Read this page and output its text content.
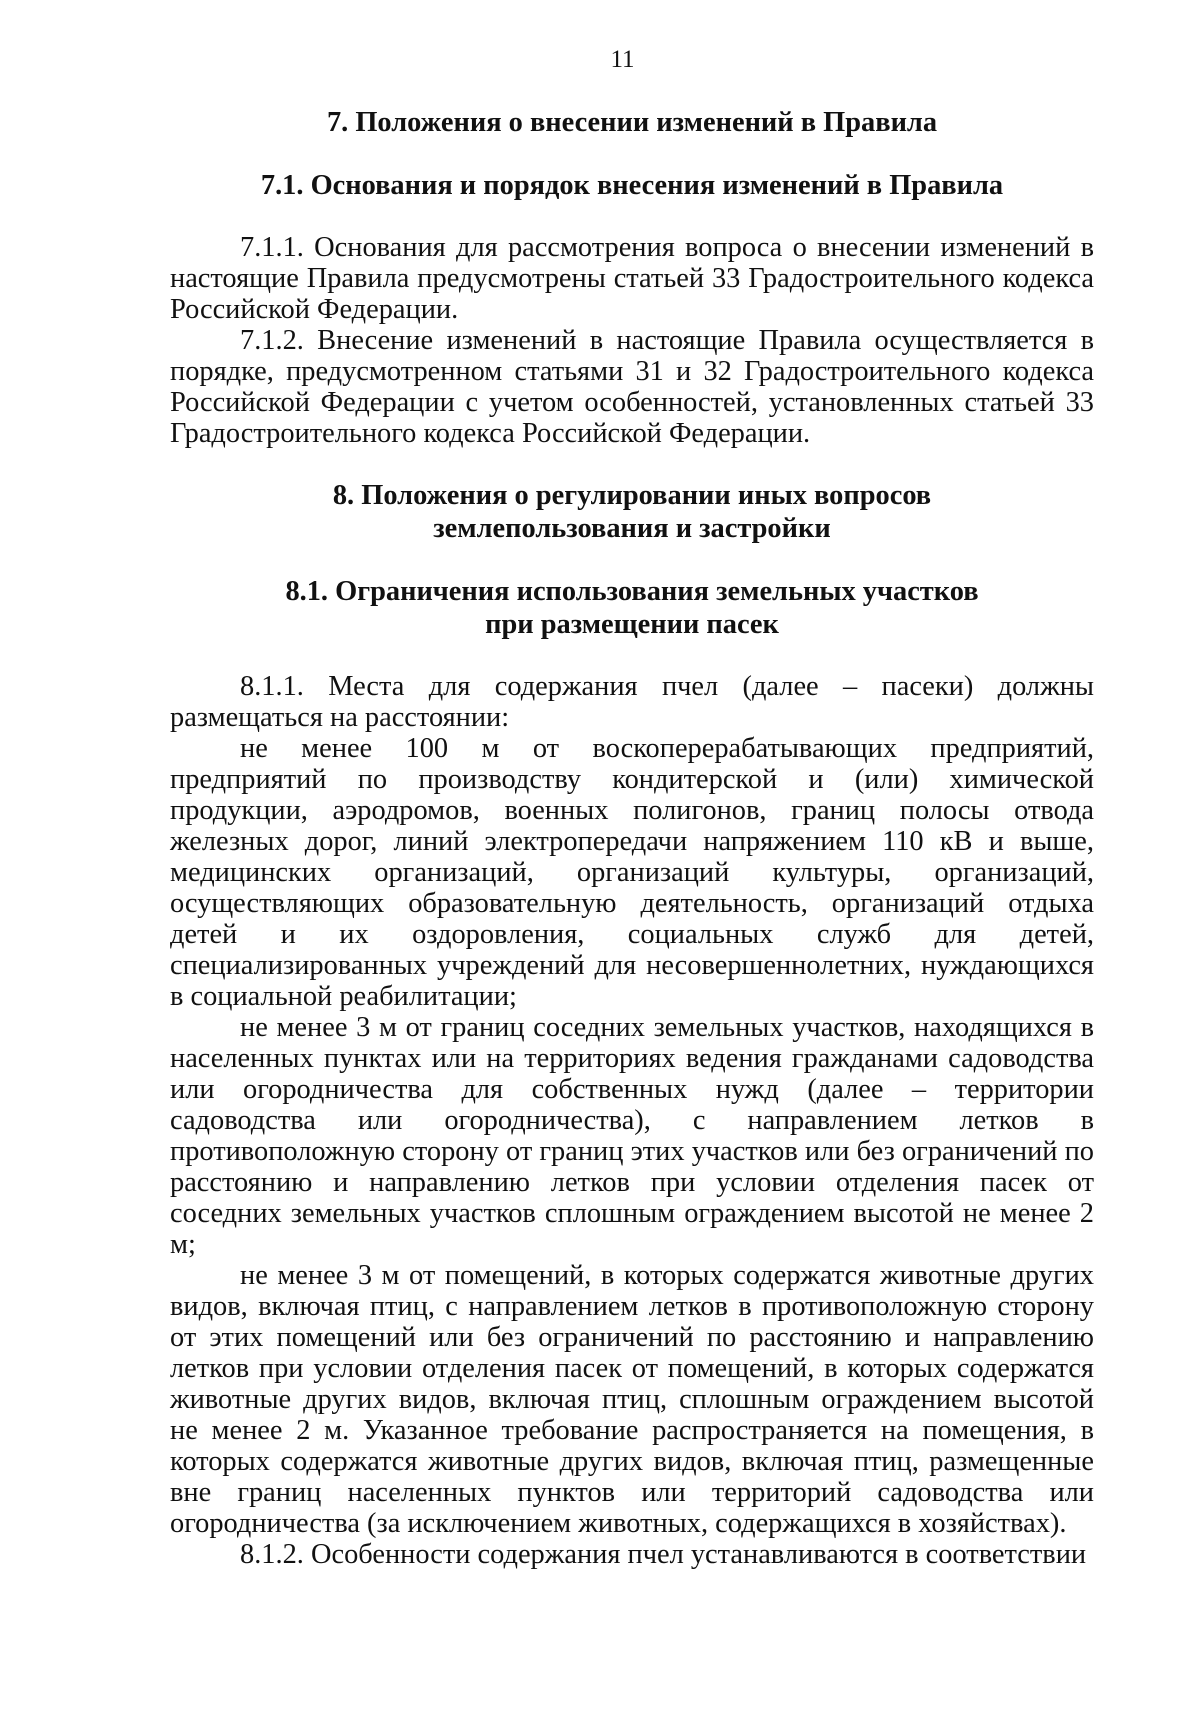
11
7. Положения о внесении изменений в Правила
7.1. Основания и порядок внесения изменений в Правила

7.1.1. Основания для рассмотрения вопроса о внесении изменений в настоящие Правила предусмотрены статьей 33 Градостроительного кодекса Российской Федерации.

7.1.2. Внесение изменений в настоящие Правила осуществляется в порядке, предусмотренном статьями 31 и 32 Градостроительного кодекса Российской Федерации с учетом особенностей, установленных статьей 33 Градостроительного кодекса Российской Федерации.

8. Положения о регулировании иных вопросов
землепользования и застройки
8.1. Ограничения использования земельных участков
при размещении пасек

8.1.1. Места для содержания пчел (далее – пасеки) должны размещаться на расстоянии:

не менее 100 м от воскоперерабатывающих предприятий, предприятий по производству кондитерской и (или) химической продукции, аэродромов, военных полигонов, границ полосы отвода железных дорог, линий электропередачи напряжением 110 кВ и выше, медицинских организаций, организаций культуры, организаций, осуществляющих образовательную деятельность, организаций отдыха детей и их оздоровления, социальных служб для детей, специализированных учреждений для несовершеннолетних, нуждающихся в социальной реабилитации;

не менее 3 м от границ соседних земельных участков, находящихся в населенных пунктах или на территориях ведения гражданами садоводства или огородничества для собственных нужд (далее – территории садоводства или огородничества), с направлением летков в противоположную сторону от границ этих участков или без ограничений по расстоянию и направлению летков при условии отделения пасек от соседних земельных участков сплошным ограждением высотой не менее 2 м;

не менее 3 м от помещений, в которых содержатся животные других видов, включая птиц, с направлением летков в противоположную сторону от этих помещений или без ограничений по расстоянию и направлению летков при условии отделения пасек от помещений, в которых содержатся животные других видов, включая птиц, сплошным ограждением высотой не менее 2 м. Указанное требование распространяется на помещения, в которых содержатся животные других видов, включая птиц, размещенные вне границ населенных пунктов или территорий садоводства или огородничества (за исключением животных, содержащихся в хозяйствах).

8.1.2. Особенности содержания пчел устанавливаются в соответствии
